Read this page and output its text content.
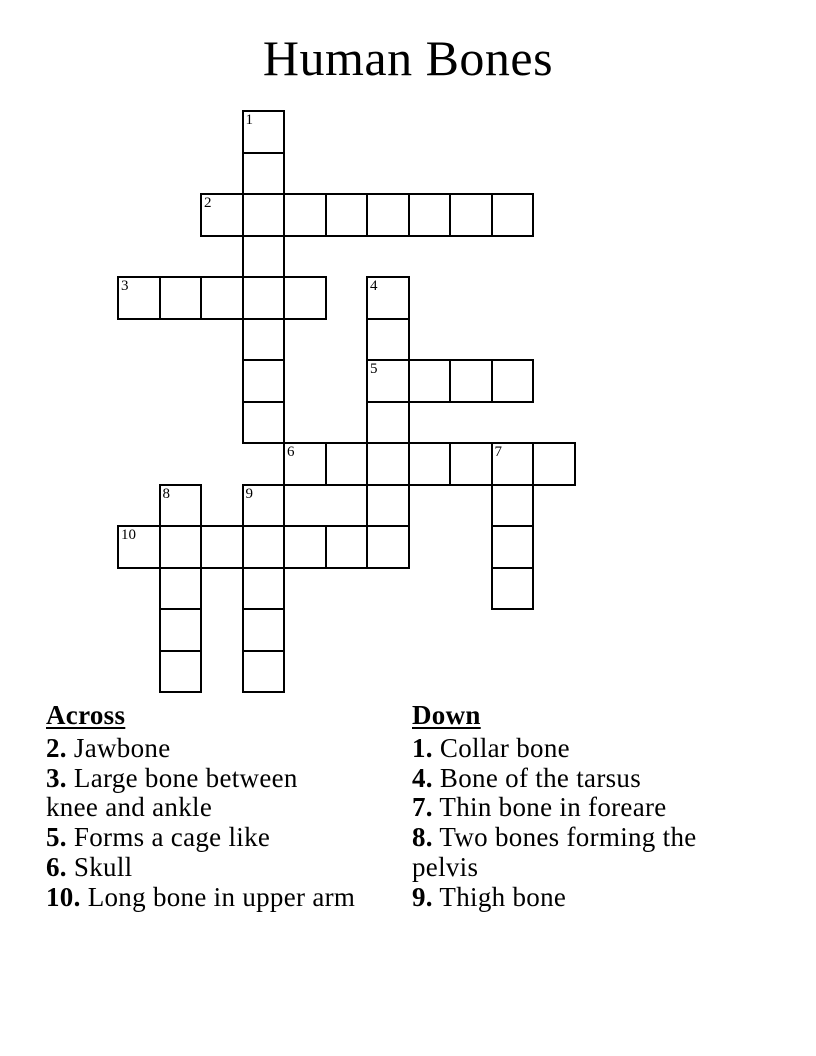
Human Bones
1
2
3	4
5
6	7
8	9
10
Across

2. Jawbone

3. Large bone between
knee and ankle

5. Forms a cage like

6. Skull

10. Long bone in upper arm

Down

1. Collar bone

4. Bone of the tarsus

7. Thin bone in foreare

8. Two bones forming the
pelvis

9. Thigh bone
